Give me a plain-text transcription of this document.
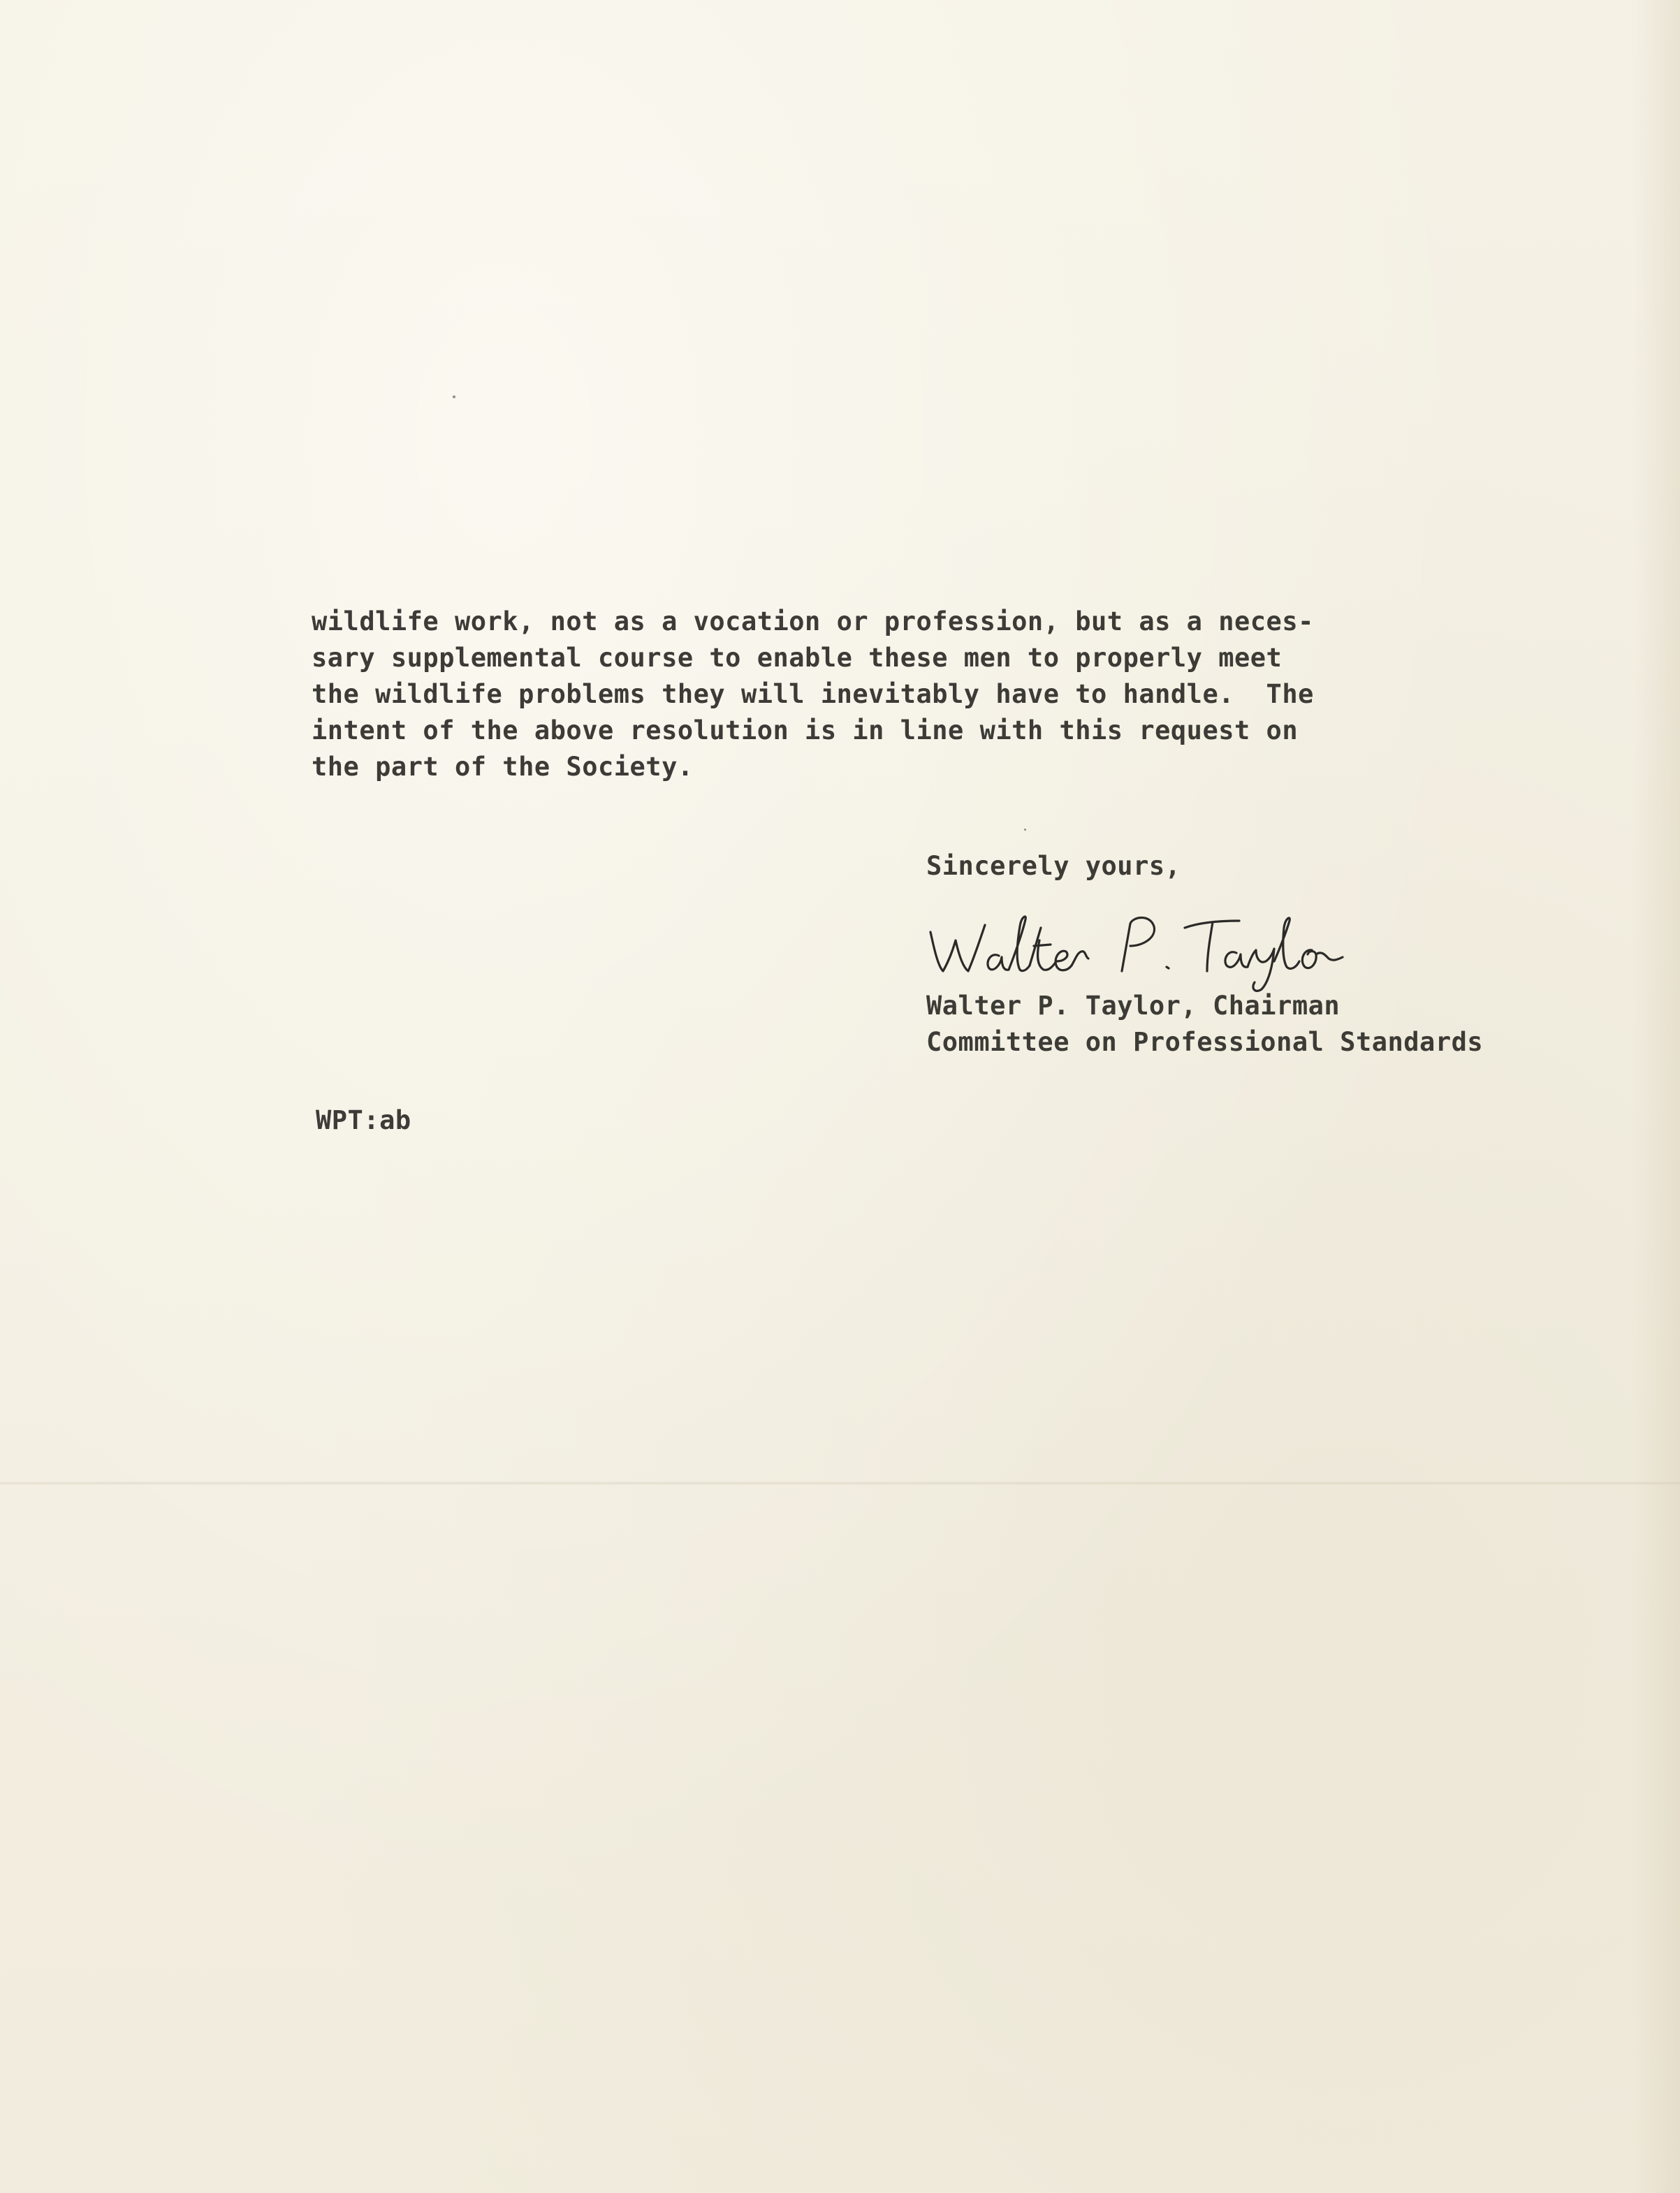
wildlife work, not as a vocation or profession, but as a neces-

sary supplemental course to enable these men to properly meet

the wildlife problems they will inevitably have to handle.  The

intent of the above resolution is in line with this request on

the part of the Society.

Sincerely yours,

Walter P. Taylor, Chairman

Committee on Professional Standards

WPT:ab
